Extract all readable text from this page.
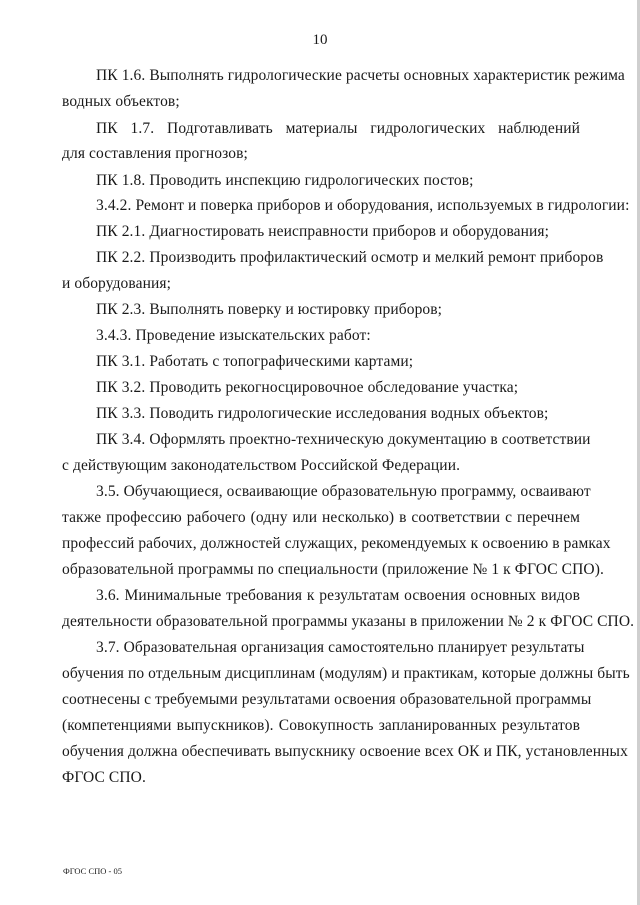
10
ПК 1.6. Выполнять гидрологические расчеты основных характеристик режима
водных объектов;
ПК 1.7. Подготавливать материалы гидрологических наблюдений
для составления прогнозов;
ПК 1.8. Проводить инспекцию гидрологических постов;
3.4.2. Ремонт и поверка приборов и оборудования, используемых в гидрологии:
ПК 2.1. Диагностировать неисправности приборов и оборудования;
ПК 2.2. Производить профилактический осмотр и мелкий ремонт приборов
и оборудования;
ПК 2.3. Выполнять поверку и юстировку приборов;
3.4.3. Проведение изыскательских работ:
ПК 3.1. Работать с топографическими картами;
ПК 3.2. Проводить рекогносцировочное обследование участка;
ПК 3.3. Поводить гидрологические исследования водных объектов;
ПК 3.4. Оформлять проектно-техническую документацию в соответствии
с действующим законодательством Российской Федерации.
3.5. Обучающиеся, осваивающие образовательную программу, осваивают
также профессию рабочего (одну или несколько) в соответствии с перечнем
профессий рабочих, должностей служащих, рекомендуемых к освоению в рамках
образовательной программы по специальности (приложение № 1 к ФГОС СПО).
3.6. Минимальные требования к результатам освоения основных видов
деятельности образовательной программы указаны в приложении № 2 к ФГОС СПО.
3.7. Образовательная организация самостоятельно планирует результаты
обучения по отдельным дисциплинам (модулям) и практикам, которые должны быть
соотнесены с требуемыми результатами освоения образовательной программы
(компетенциями выпускников). Совокупность запланированных результатов
обучения должна обеспечивать выпускнику освоение всех ОК и ПК, установленных
ФГОС СПО.
ФГОС СПО - 05
